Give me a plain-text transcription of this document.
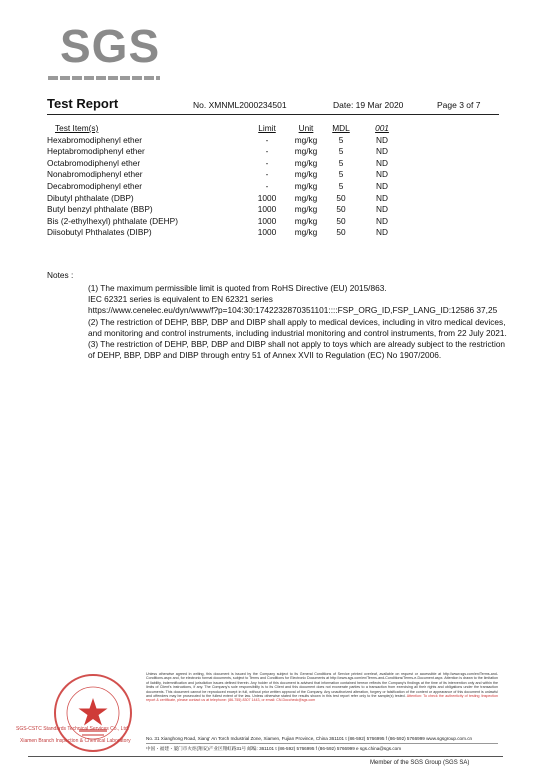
SGS
Test Report	No. XMNML2000234501	Date: 19 Mar 2020	Page 3 of 7
Test Item(s)	Limit	Unit	MDL	001
Hexabromodiphenyl ether	-	mg/kg	5	ND
Heptabromodiphenyl ether	-	mg/kg	5	ND
Octabromodiphenyl ether	-	mg/kg	5	ND
Nonabromodiphenyl ether	-	mg/kg	5	ND
Decabromodiphenyl ether	-	mg/kg	5	ND
Dibutyl phthalate (DBP)	1000	mg/kg	50	ND
Butyl benzyl phthalate (BBP)	1000	mg/kg	50	ND
Bis (2-ethylhexyl) phthalate (DEHP)	1000	mg/kg	50	ND
Diisobutyl Phthalates (DIBP)	1000	mg/kg	50	ND
Notes :

(1) The maximum permissible limit is quoted from RoHS Directive (EU) 2015/863.

IEC 62321 series is equivalent to EN 62321 series

https://www.cenelec.eu/dyn/www/f?p=104:30:1742232870351101::::FSP_ORG_ID,FSP_LANG_ID:12586 37,25

(2) The restriction of DEHP, BBP, DBP and DIBP shall apply to medical devices, including in vitro medical devices, and monitoring and control instruments, including industrial monitoring and control instruments, from 22 July 2021.

(3) The restriction of DEHP, BBP, DBP and DIBP shall not apply to toys which are already subject to the restriction of DEHP, BBP, DBP and DIBP through entry 51 of Annex XVII to Regulation (EC) No 1907/2006.

SGS-CSTC Standards Technical Services Co., Ltd.
Xiamen Branch Inspection & Chemical Laboratory
Unless otherwise agreed in writing, this document is issued by the Company subject to its General Conditions of Service printed overleaf, available on request or accessible at http://www.sgs.com/en/Terms-and-Conditions.aspx and, for electronic format documents, subject to Terms and Conditions for Electronic Documents at http://www.sgs.com/en/Terms-and-Conditions/Terms-e-Document.aspx. Attention is drawn to the limitation of liability, indemnification and jurisdiction issues defined therein. Any holder of this document is advised that information contained hereon reflects the Company's findings at the time of its intervention only and within the limits of Client's instructions, if any. The Company's sole responsibility is to its Client and this document does not exonerate parties to a transaction from exercising all their rights and obligations under the transaction documents. This document cannot be reproduced except in full, without prior written approval of the Company. Any unauthorized alteration, forgery or falsification of the content or appearance of this document is unlawful and offenders may be prosecuted to the fullest extent of the law. Unless otherwise stated the results shown in this test report refer only to the sample(s) tested. Attention: To check the authenticity of testing /inspection report & certificate, please contact us at telephone: (86-755) 8307 1443, or email: CN.Doccheck@sgs.com
No. 31 Xianghong Road, Xiang' An Torch Industrial Zone, Xiamen, Fujian Province, China 361101 t (86-592) 5766995 f (86-592) 5766999 www.sgsgroup.com.cn
中国・福建・厦门市火炬(翔安)产业区翔虹路31号 邮编: 361101 t (86-592) 5766995 f (86-592) 5766999 e sgs.china@sgs.com
Member of the SGS Group (SGS SA)
